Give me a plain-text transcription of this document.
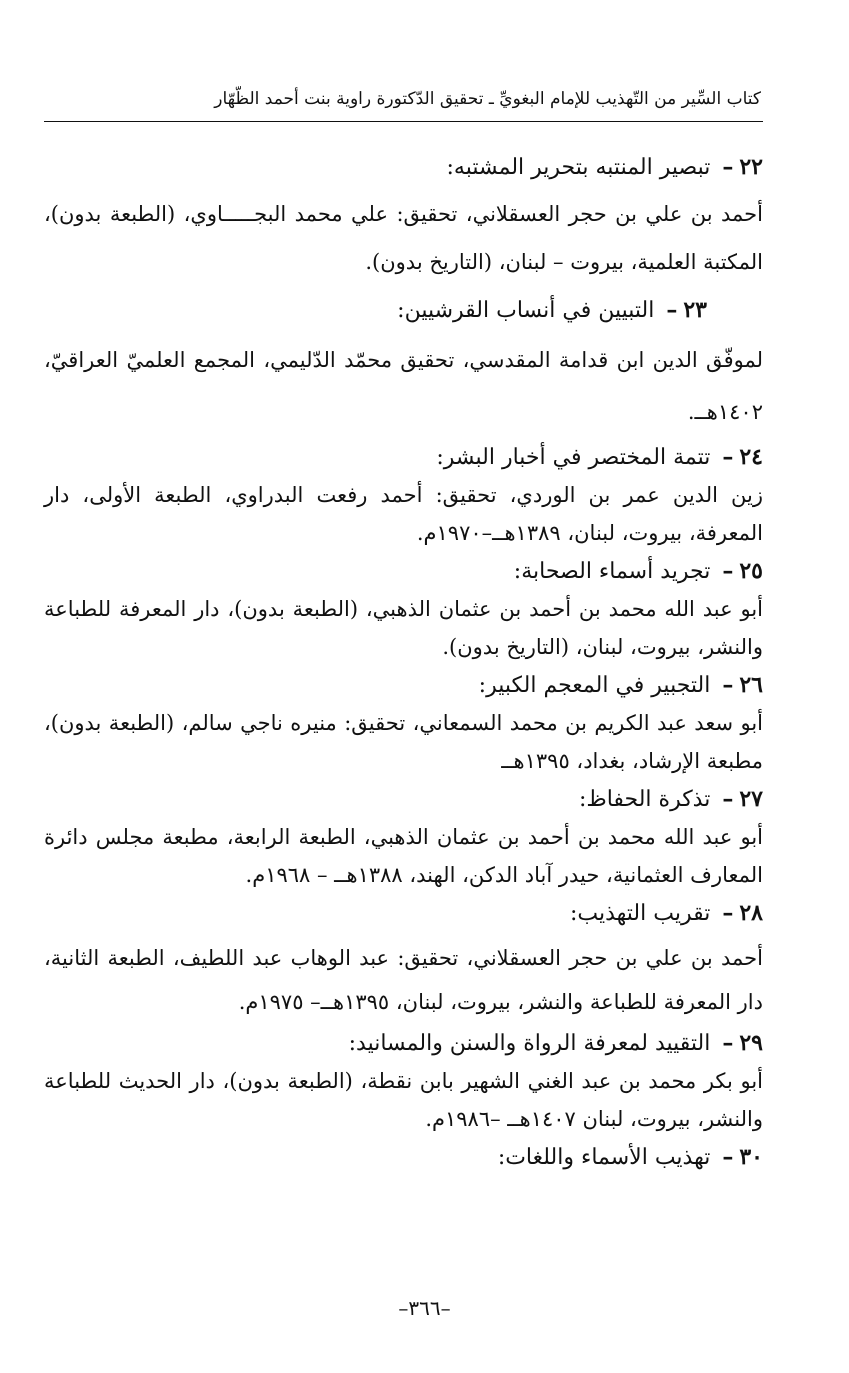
كتاب السِّير من التّهذيب للإمام البغويِّ ـ تحقيق الدّكتورة راوية بنت أحمد الظّهّار
٢٢
–
تبصير المنتبه بتحرير المشتبه:

أحمد بن علي بن حجر العسقلاني، تحقيق: علي محمد البجـــــاوي، (الطبعة بدون)، المكتبة العلمية، بيروت – لبنان، (التاريخ بدون).

٢٣
–
التبيين في أنساب القرشيين:

لموفّق الدين ابن قدامة المقدسي، تحقيق محمّد الدّليمي، المجمع العلميّ العراقيّ، ١٤٠٢هــ.

٢٤
–
تتمة المختصر في أخبار البشر:

زين الدين عمر بن الوردي، تحقيق: أحمد رفعت البدراوي، الطبعة الأولى، دار المعرفة، بيروت، لبنان، ١٣٨٩هــ–١٩٧٠م.

٢٥
–
تجريد أسماء الصحابة:

أبو عبد الله محمد بن أحمد بن عثمان الذهبي، (الطبعة بدون)، دار المعرفة للطباعة والنشر، بيروت، لبنان، (التاريخ بدون).

٢٦
–
التجبير في المعجم الكبير:

أبو سعد عبد الكريم بن محمد السمعاني، تحقيق: منيره ناجي سالم، (الطبعة بدون)، مطبعة الإرشاد، بغداد، ١٣٩٥هــ

٢٧
–
تذكرة الحفاظ:

أبو عبد الله محمد بن أحمد بن عثمان الذهبي، الطبعة الرابعة، مطبعة مجلس دائرة المعارف العثمانية، حيدر آباد الدكن، الهند، ١٣٨٨هــ – ١٩٦٨م.

٢٨
–
تقريب التهذيب:

أحمد بن علي بن حجر العسقلاني، تحقيق: عبد الوهاب عبد اللطيف، الطبعة الثانية، دار المعرفة للطباعة والنشر، بيروت، لبنان، ١٣٩٥هــ– ١٩٧٥م.

٢٩
–
التقييد لمعرفة الرواة والسنن والمسانيد:

أبو بكر محمد بن عبد الغني الشهير بابن نقطة، (الطبعة بدون)، دار الحديث للطباعة والنشر، بيروت، لبنان ١٤٠٧هــ –١٩٨٦م.

٣٠
–
تهذيب الأسماء واللغات:
–٣٦٦–
